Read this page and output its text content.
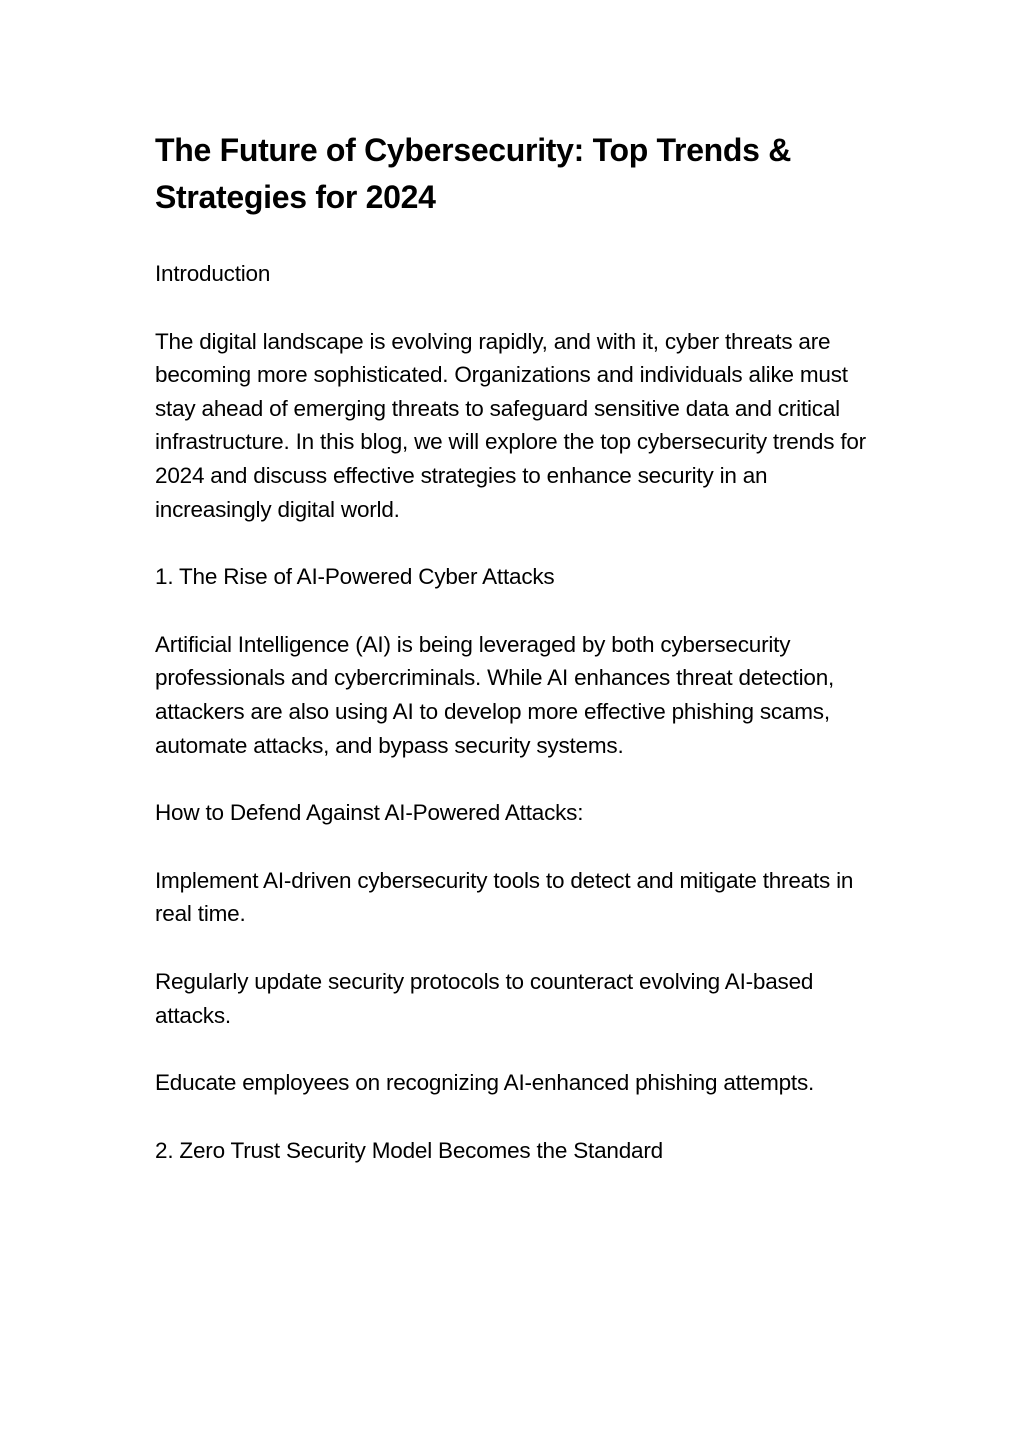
The Future of Cybersecurity: Top Trends & Strategies for 2024

Introduction

The digital landscape is evolving rapidly, and with it, cyber threats are becoming more sophisticated. Organizations and individuals alike must stay ahead of emerging threats to safeguard sensitive data and critical infrastructure. In this blog, we will explore the top cybersecurity trends for 2024 and discuss effective strategies to enhance security in an increasingly digital world.

1. The Rise of AI-Powered Cyber Attacks

Artificial Intelligence (AI) is being leveraged by both cybersecurity professionals and cybercriminals. While AI enhances threat detection, attackers are also using AI to develop more effective phishing scams, automate attacks, and bypass security systems.

How to Defend Against AI-Powered Attacks:

Implement AI-driven cybersecurity tools to detect and mitigate threats in real time.

Regularly update security protocols to counteract evolving AI-based attacks.

Educate employees on recognizing AI-enhanced phishing attempts.

2. Zero Trust Security Model Becomes the Standard
